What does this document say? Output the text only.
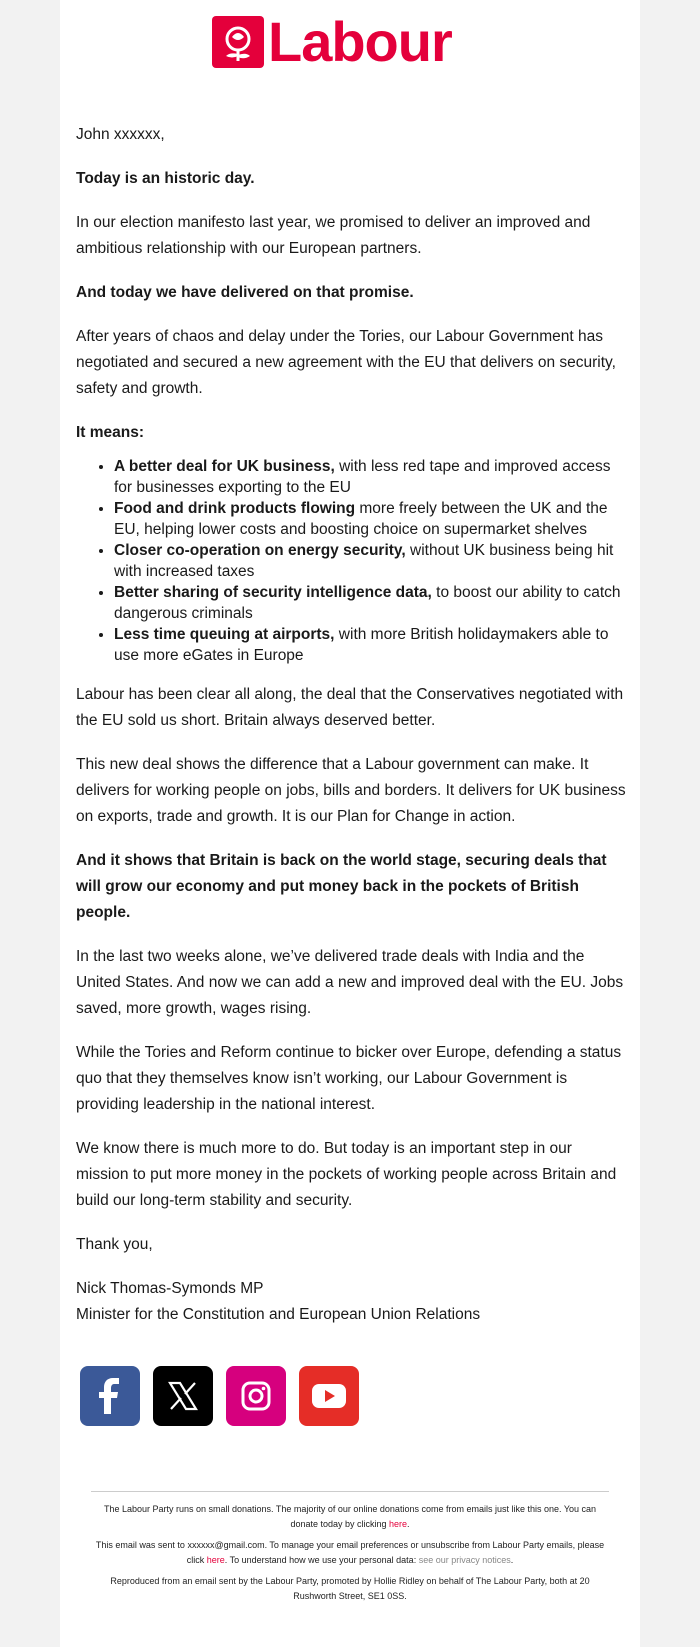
Labour

John xxxxxx,

Today is an historic day.

In our election manifesto last year, we promised to deliver an improved and ambitious relationship with our European partners.

And today we have delivered on that promise.

After years of chaos and delay under the Tories, our Labour Government has negotiated and secured a new agreement with the EU that delivers on security, safety and growth.

It means:

• A better deal for UK business, with less red tape and improved access for businesses exporting to the EU
• Food and drink products flowing more freely between the UK and the EU, helping lower costs and boosting choice on supermarket shelves
• Closer co-operation on energy security, without UK business being hit with increased taxes
• Better sharing of security intelligence data, to boost our ability to catch dangerous criminals
• Less time queuing at airports, with more British holidaymakers able to use more eGates in Europe

Labour has been clear all along, the deal that the Conservatives negotiated with the EU sold us short. Britain always deserved better.

This new deal shows the difference that a Labour government can make. It delivers for working people on jobs, bills and borders. It delivers for UK business on exports, trade and growth. It is our Plan for Change in action.

And it shows that Britain is back on the world stage, securing deals that will grow our economy and put money back in the pockets of British people.

In the last two weeks alone, we’ve delivered trade deals with India and the United States. And now we can add a new and improved deal with the EU. Jobs saved, more growth, wages rising.

While the Tories and Reform continue to bicker over Europe, defending a status quo that they themselves know isn’t working, our Labour Government is providing leadership in the national interest.

We know there is much more to do. But today is an important step in our mission to put more money in the pockets of working people across Britain and build our long-term stability and security.

Thank you,

Nick Thomas-Symonds MP
Minister for the Constitution and European Union Relations

The Labour Party runs on small donations. The majority of our online donations come from emails just like this one. You can donate today by clicking here.

This email was sent to xxxxxx@gmail.com. To manage your email preferences or unsubscribe from Labour Party emails, please click here. To understand how we use your personal data: see our privacy notices.

Reproduced from an email sent by the Labour Party, promoted by Hollie Ridley on behalf of The Labour Party, both at 20 Rushworth Street, SE1 0SS.
